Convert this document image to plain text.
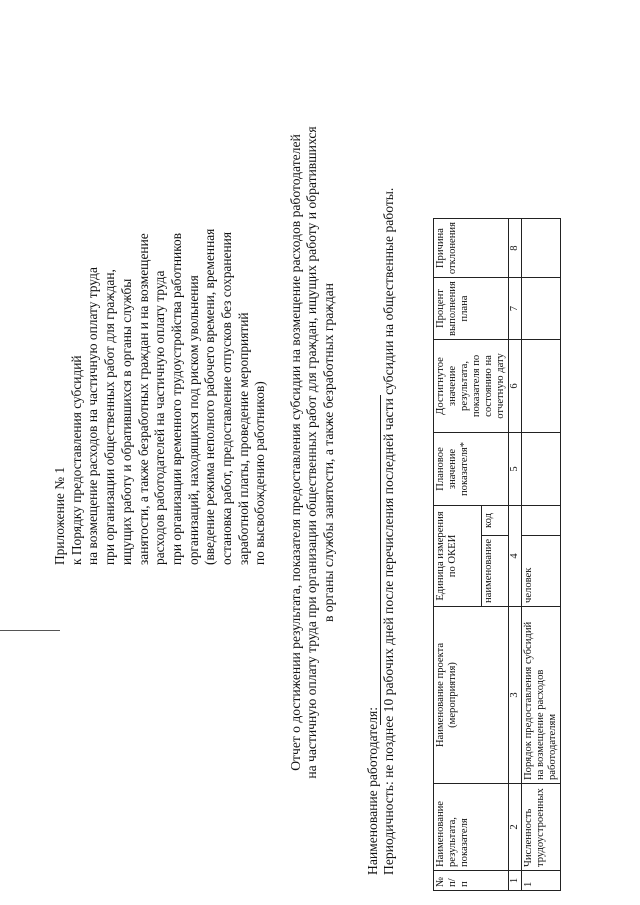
Приложение № 1 к Порядку предоставления субсидий на возмещение расходов на частичную оплату труда при организации общественных работ для граждан, ищущих работу и обратившихся в органы службы занятости, а также безработных граждан и на возмещение расходов работодателей на частичную оплату труда при организации временного трудоустройства работников организаций, находящихся под риском увольнения (введение режима неполного рабочего времени, временная остановка работ, предоставление отпусков без сохранения заработной платы, проведение мероприятий по высвобождению работников) Отчет о достижении результата, показателя предоставления субсидии на возмещение расходов работодателей на частичную оплату труда при организации общественных работ для граждан, ищущих работу и обратившихся в органы службы занятости, а также безработных граждан
Наименование работодателя: Периодичность: не позднее 10 рабочих дней после перечисления последней части субсидии на общественные работы.
№ п/п	Наименование результата, показателя	Наименование проекта (мероприятия)	Единица измерения по ОКЕИ		Плановое значение показателя*	Достигнутое значение результата, показателя по состоянию на отчетную дату	Процент выполнения плана	Причина отклонения
			наименование	код				
1	2	3	4		5	6	7	8
1	Численность трудоустроенных	Порядок предоставления субсидий на возмещение расходов работодателям	человек					
